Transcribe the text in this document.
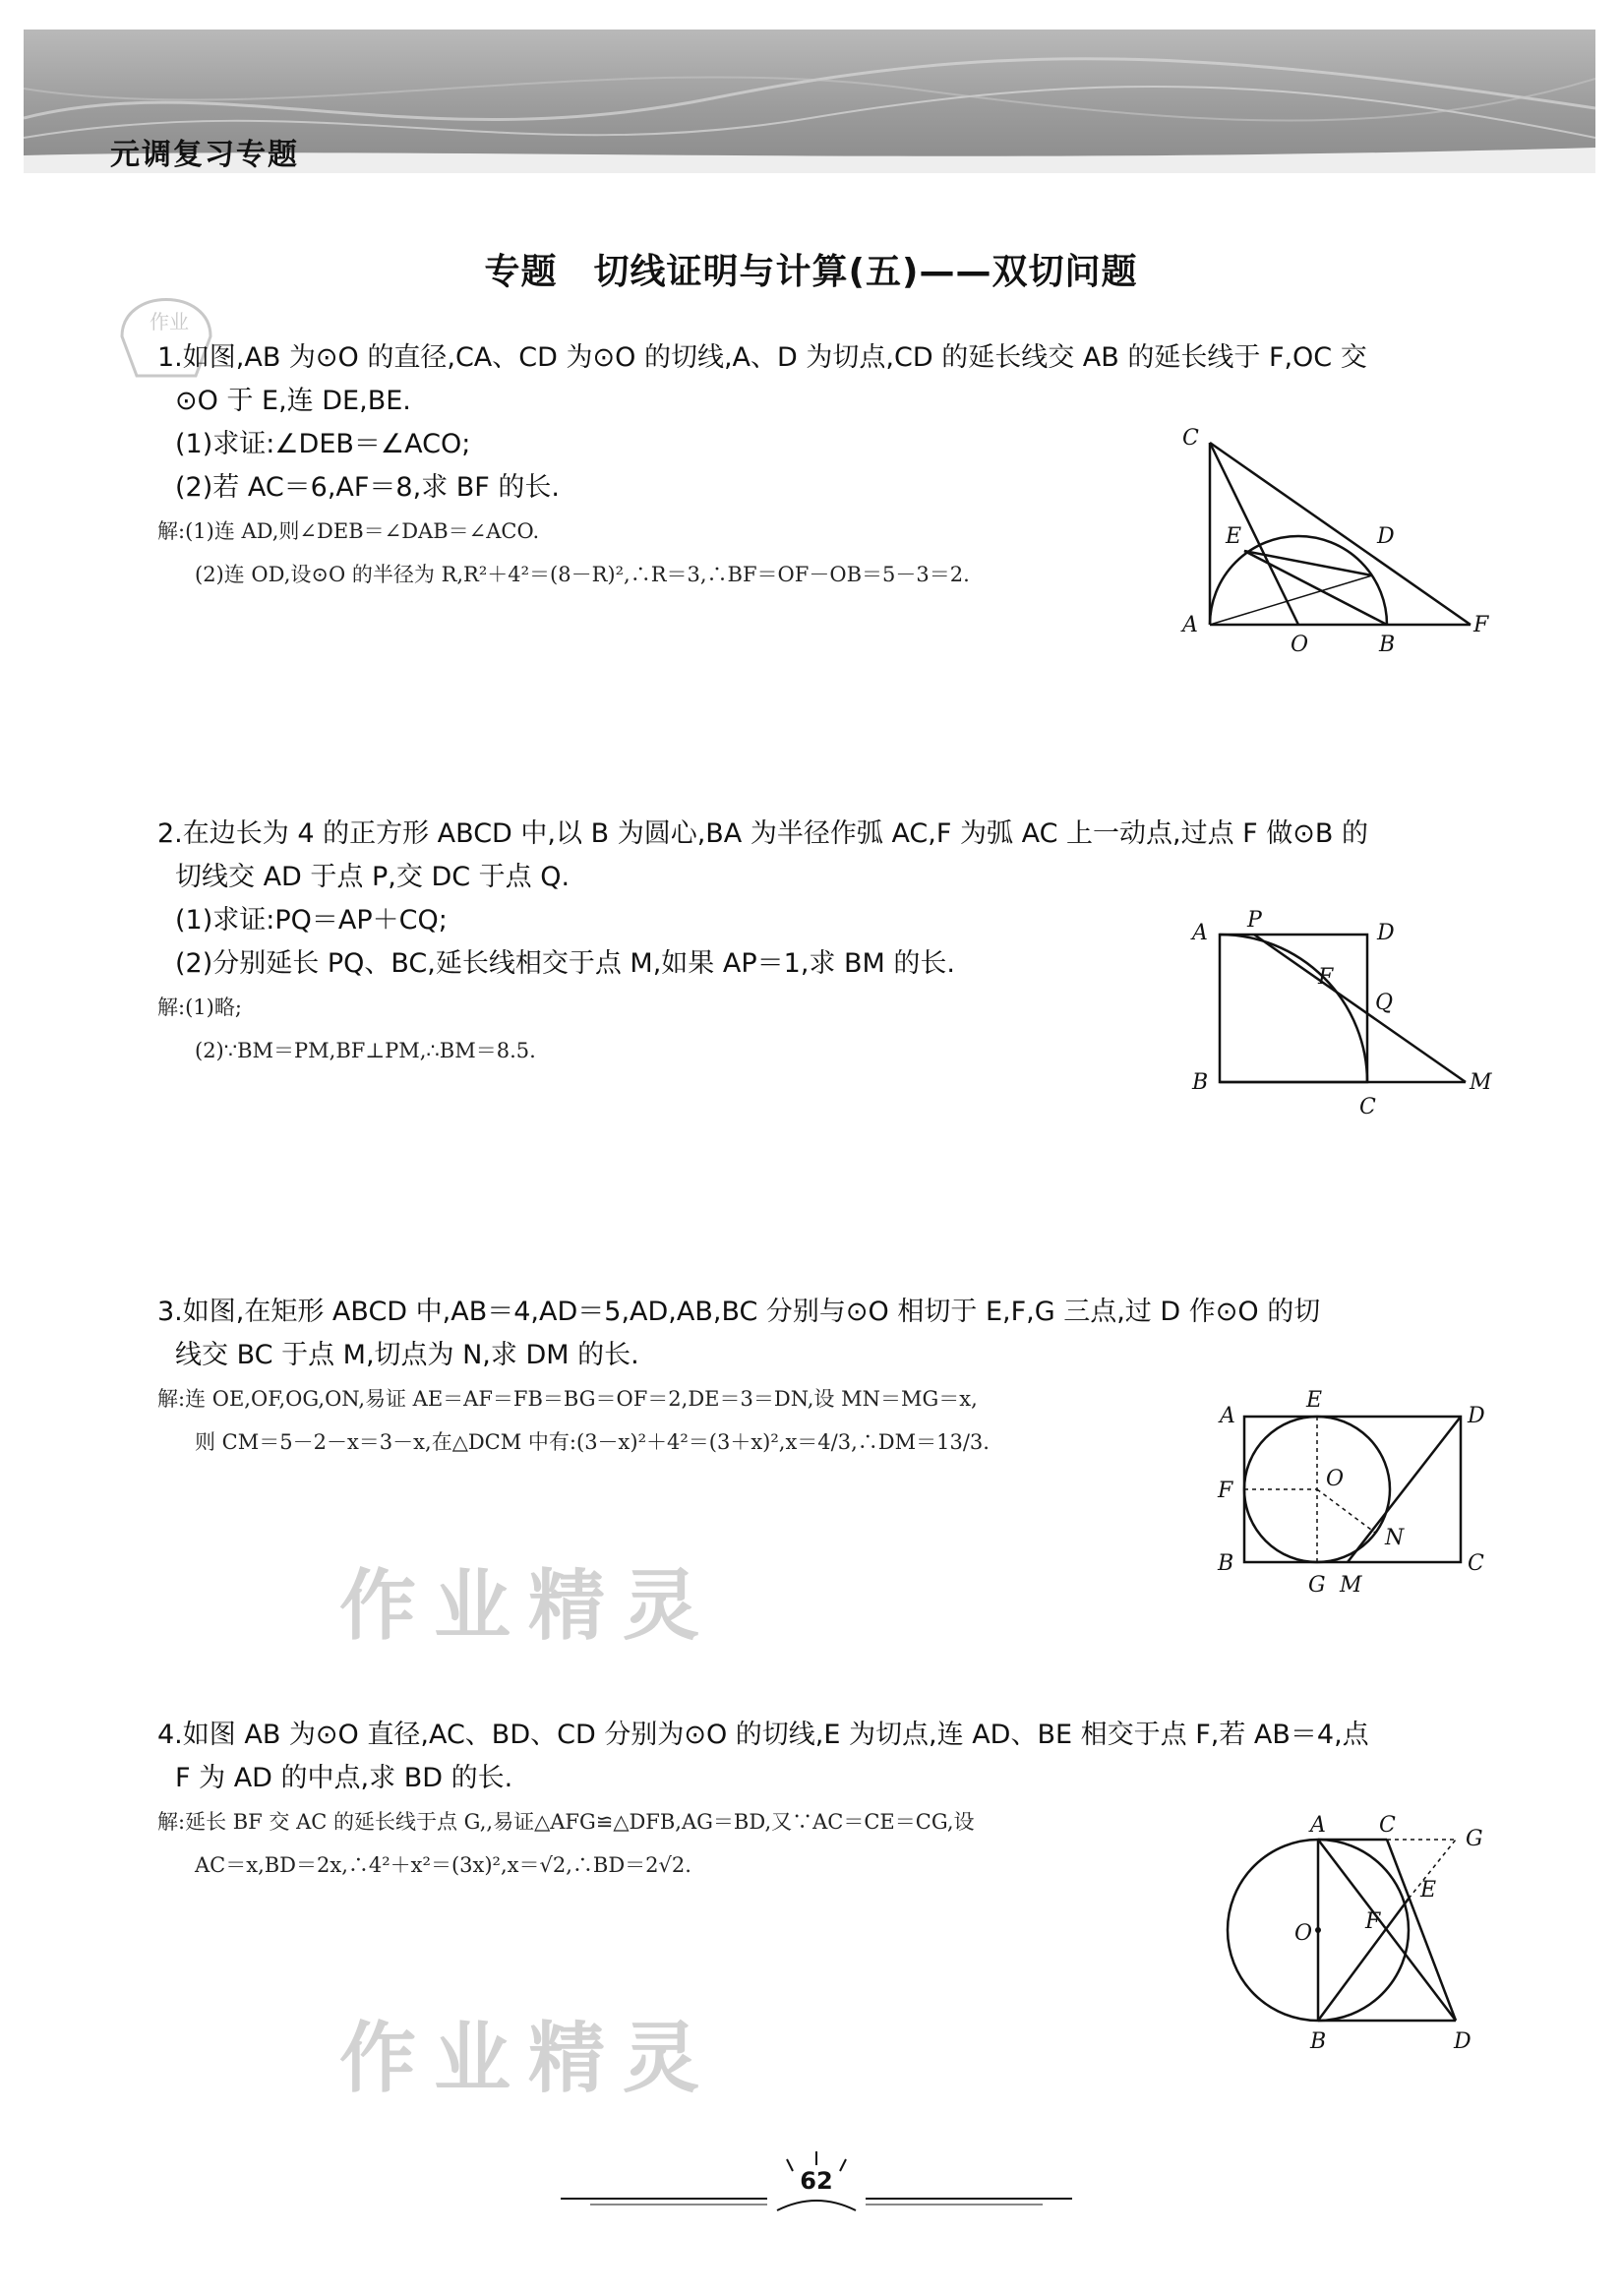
元调复习专题
专题　切线证明与计算(五)——双切问题
作业

1.如图,AB 为⊙O 的直径,CA、CD 为⊙O 的切线,A、D 为切点,CD 的延长线交 AB 的延长线于 F,OC 交

⊙O 于 E,连 DE,BE.

(1)求证:∠DEB＝∠ACO;

(2)若 AC＝6,AF＝8,求 BF 的长.

解:(1)连 AD,则∠DEB＝∠DAB＝∠ACO.

(2)连 OD,设⊙O 的半径为 R,R²＋4²＝(8－R)²,∴R＝3,∴BF＝OF－OB＝5－3＝2.

C
E	D
A
O	B
F

2.在边长为 4 的正方形 ABCD 中,以 B 为圆心,BA 为半径作弧 AC,F 为弧 AC 上一动点,过点 F 做⊙B 的

切线交 AD 于点 P,交 DC 于点 Q.

(1)求证:PQ＝AP＋CQ;

(2)分别延长 PQ、BC,延长线相交于点 M,如果 AP＝1,求 BM 的长.

解:(1)略;

(2)∵BM＝PM,BF⊥PM,∴BM＝8.5.

A
P
D
F
Q
B
C
M

3.如图,在矩形 ABCD 中,AB＝4,AD＝5,AD,AB,BC 分别与⊙O 相切于 E,F,G 三点,过 D 作⊙O 的切

线交 BC 于点 M,切点为 N,求 DM 的长.

解:连 OE,OF,OG,ON,易证 AE＝AF＝FB＝BG＝OF＝2,DE＝3＝DN,设 MN＝MG＝x,

则 CM＝5－2－x＝3－x,在△DCM 中有:(3－x)²＋4²＝(3＋x)²,x＝4/3,∴DM＝13/3.

A
E
D
O
F
N
B	C
G M
作业精灵

4.如图 AB 为⊙O 直径,AC、BD、CD 分别为⊙O 的切线,E 为切点,连 AD、BE 相交于点 F,若 AB＝4,点

F 为 AD 的中点,求 BD 的长.

解:延长 BF 交 AC 的延长线于点 G,,易证△AFG≌△DFB,AG＝BD,又∵AC＝CE＝CG,设

AC＝x,BD＝2x,∴4²＋x²＝(3x)²,x＝√2,∴BD＝2√2.

A C
G
E
O F
B	D
作业精灵
62
